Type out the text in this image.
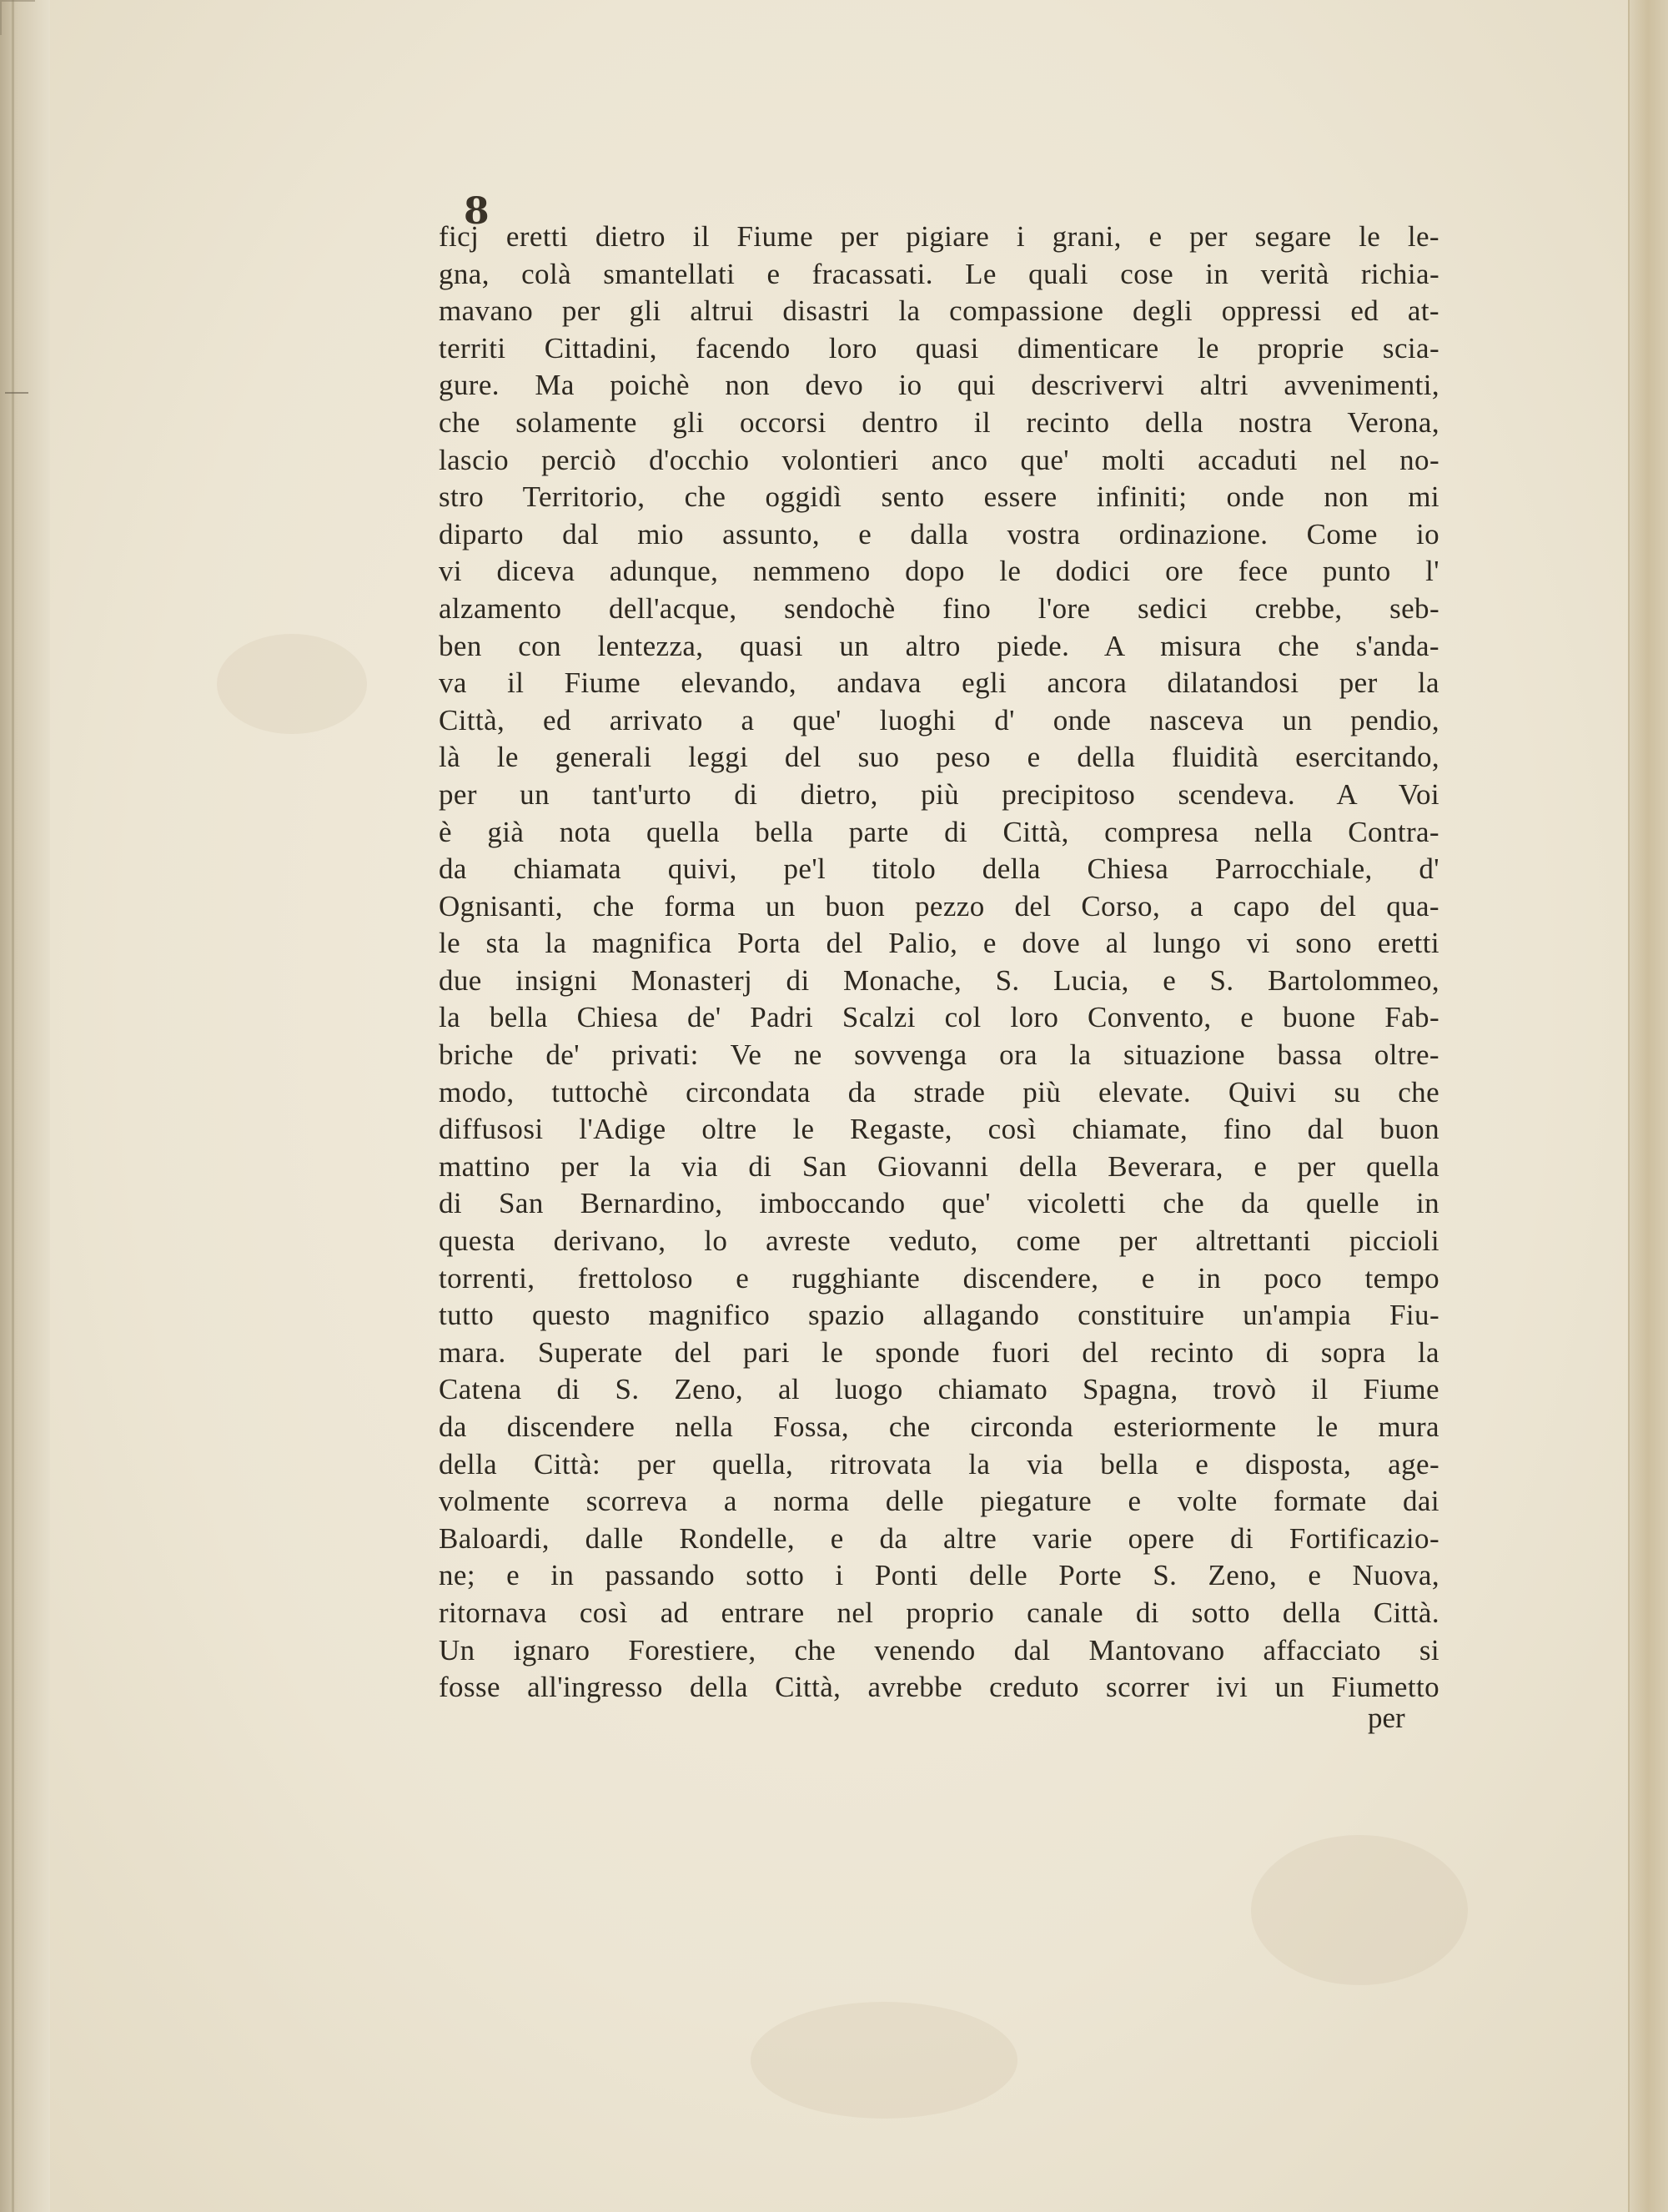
8
ficj eretti dietro il Fiume per pigiare i grani, e per segare le le-
gna, colà smantellati e fracassati. Le quali cose in verità richia-
mavano per gli altrui disastri la compassione degli oppressi ed at-
territi Cittadini, facendo loro quasi dimenticare le proprie scia-
gure. Ma poichè non devo io qui descrivervi altri avvenimenti,
che solamente gli occorsi dentro il recinto della nostra Verona,
lascio perciò d'occhio volontieri anco que' molti accaduti nel no-
stro Territorio, che oggidì sento essere infiniti; onde non mi
diparto dal mio assunto, e dalla vostra ordinazione. Come io
vi diceva adunque, nemmeno dopo le dodici ore fece punto l'
alzamento dell'acque, sendochè fino l'ore sedici crebbe, seb-
ben con lentezza, quasi un altro piede. A misura che s'anda-
va il Fiume elevando, andava egli ancora dilatandosi per la
Città, ed arrivato a que' luoghi d' onde nasceva un pendio,
là le generali leggi del suo peso e della fluidità esercitando,
per un tant'urto di dietro, più precipitoso scendeva. A Voi
è già nota quella bella parte di Città, compresa nella Contra-
da chiamata quivi, pe'l titolo della Chiesa Parrocchiale, d'
Ognisanti, che forma un buon pezzo del Corso, a capo del qua-
le sta la magnifica Porta del Palio, e dove al lungo vi sono eretti
due insigni Monasterj di Monache, S. Lucia, e S. Bartolommeo,
la bella Chiesa de' Padri Scalzi col loro Convento, e buone Fab-
briche de' privati: Ve ne sovvenga ora la situazione bassa oltre-
modo, tuttochè circondata da strade più elevate. Quivi su che
diffusosi l'Adige oltre le Regaste, così chiamate, fino dal buon
mattino per la via di San Giovanni della Beverara, e per quella
di San Bernardino, imboccando que' vicoletti che da quelle in
questa derivano, lo avreste veduto, come per altrettanti piccioli
torrenti, frettoloso e rugghiante discendere, e in poco tempo
tutto questo magnifico spazio allagando constituire un'ampia Fiu-
mara. Superate del pari le sponde fuori del recinto di sopra la
Catena di S. Zeno, al luogo chiamato Spagna, trovò il Fiume
da discendere nella Fossa, che circonda esteriormente le mura
della Città: per quella, ritrovata la via bella e disposta, age-
volmente scorreva a norma delle piegature e volte formate dai
Baloardi, dalle Rondelle, e da altre varie opere di Fortificazio-
ne; e in passando sotto i Ponti delle Porte S. Zeno, e Nuova,
ritornava così ad entrare nel proprio canale di sotto della Città.
Un ignaro Forestiere, che venendo dal Mantovano affacciato si
fosse all'ingresso della Città, avrebbe creduto scorrer ivi un Fiumetto
per
